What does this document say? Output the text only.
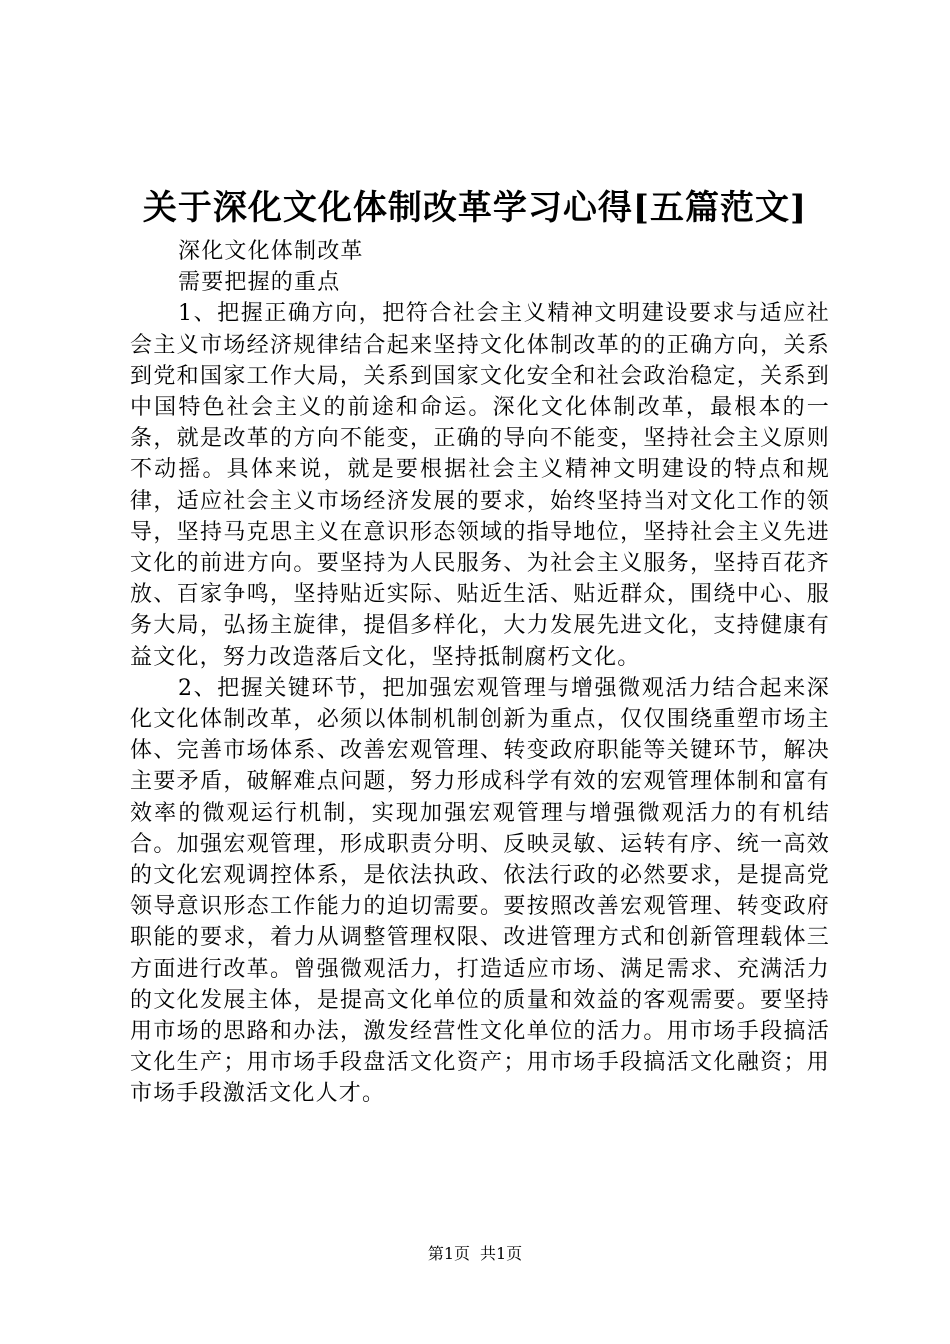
关于深化文化体制改革学习心得[五篇范文]

深化文化体制改革

需要把握的重点

1、把握正确方向，把符合社会主义精神文明建设要求与适应社会主义市场经济规律结合起来坚持文化体制改革的的正确方向，关系到党和国家工作大局，关系到国家文化安全和社会政治稳定，关系到中国特色社会主义的前途和命运。深化文化体制改革，最根本的一条，就是改革的方向不能变，正确的导向不能变，坚持社会主义原则不动摇。具体来说，就是要根据社会主义精神文明建设的特点和规律，适应社会主义市场经济发展的要求，始终坚持当对文化工作的领导，坚持马克思主义在意识形态领域的指导地位，坚持社会主义先进文化的前进方向。要坚持为人民服务、为社会主义服务，坚持百花齐放、百家争鸣，坚持贴近实际、贴近生活、贴近群众，围绕中心、服务大局，弘扬主旋律，提倡多样化，大力发展先进文化，支持健康有益文化，努力改造落后文化，坚持抵制腐朽文化。

2、把握关键环节，把加强宏观管理与增强微观活力结合起来深化文化体制改革，必须以体制机制创新为重点，仅仅围绕重塑市场主体、完善市场体系、改善宏观管理、转变政府职能等关键环节，解决主要矛盾，破解难点问题，努力形成科学有效的宏观管理体制和富有效率的微观运行机制，实现加强宏观管理与增强微观活力的有机结合。加强宏观管理，形成职责分明、反映灵敏、运转有序、统一高效的文化宏观调控体系，是依法执政、依法行政的必然要求，是提高党领导意识形态工作能力的迫切需要。要按照改善宏观管理、转变政府职能的要求，着力从调整管理权限、改进管理方式和创新管理载体三方面进行改革。曾强微观活力，打造适应市场、满足需求、充满活力的文化发展主体，是提高文化单位的质量和效益的客观需要。要坚持用市场的思路和办法，激发经营性文化单位的活力。用市场手段搞活文化生产；用市场手段盘活文化资产；用市场手段搞活文化融资；用市场手段激活文化人才。

第1页 共1页
